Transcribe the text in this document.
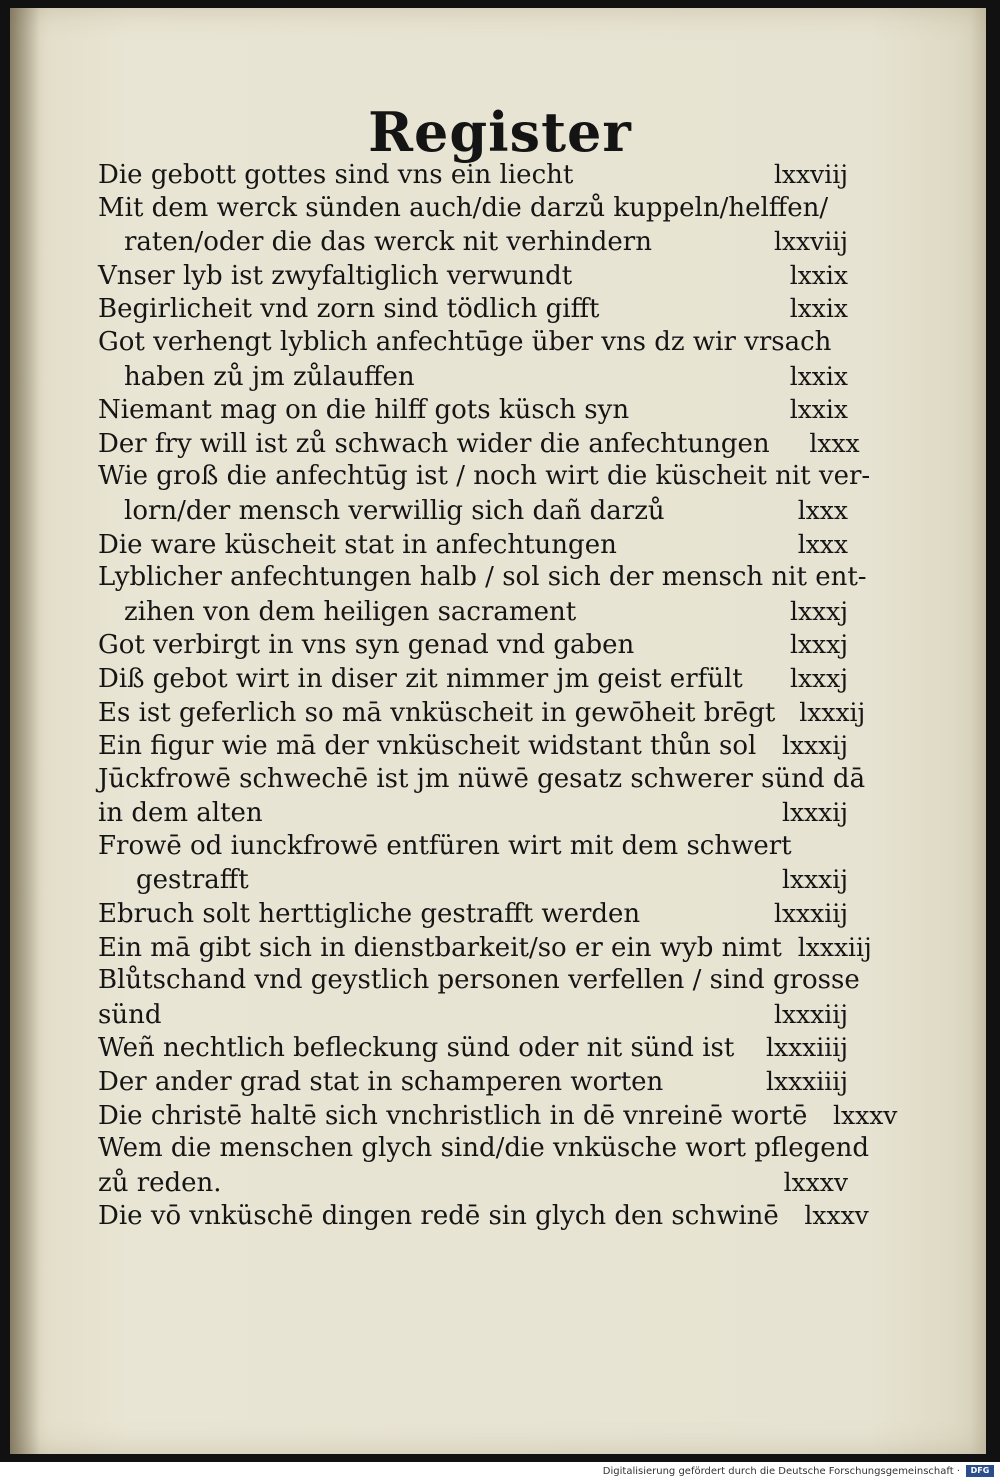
Register
Die gebott gottes sind vns ein liecht	lxxviij
Mit dem werck sünden auch/die darzů kuppeln/helffen/
raten/oder die das werck nit verhindern	lxxviij
Vnser lyb ist zwyfaltiglich verwundt	lxxix
Begirlicheit vnd zorn sind tödlich gifft	lxxix
Got verhengt lyblich anfechtūge über vns dz wir vrsach
haben zů jm zůlauffen	lxxix
Niemant mag on die hilff gots küsch syn	lxxix
Der fry will ist zů schwach wider die anfechtungen	lxxx
Wie groß die anfechtūg ist / noch wirt die küscheit nit ver-
lorn/der mensch verwillig sich dañ darzů	lxxx
Die ware küscheit stat in anfechtungen	lxxx
Lyblicher anfechtungen halb / sol sich der mensch nit ent-
zihen von dem heiligen sacrament	lxxxj
Got verbirgt in vns syn genad vnd gaben	lxxxj
Diß gebot wirt in diser zit nimmer jm geist erfült	lxxxj
Es ist geferlich so mā vnküscheit in gewōheit brēgt lxxxij
Ein figur wie mā der vnküscheit widstant thůn sol	lxxxij
Jūckfrowē schwechē ist jm nüwē gesatz schwerer sünd dā
in dem alten	lxxxij
Frowē od iunckfrowē entfüren wirt mit dem schwert
gestrafft	lxxxij
Ebruch solt herttigliche gestrafft werden	lxxxiij
Ein mā gibt sich in dienstbarkeit/so er ein wyb nimt lxxxiij
Blůtschand vnd geystlich personen verfellen / sind grosse
sünd	lxxxiij
Weñ nechtlich befleckung sünd oder nit sünd ist	lxxxiiij
Der ander grad stat in schamperen worten	lxxxiiij
Die christē haltē sich vnchristlich in dē vnreinē wortē	lxxxv
Wem die menschen glych sind/die vnküsche wort pflegend
zů reden.	lxxxv
Die vō vnküschē dingen redē sin glych den schwinē	lxxxv
Digitalisierung gefördert durch die Deutsche Forschungsgemeinschaft ·	DFG
